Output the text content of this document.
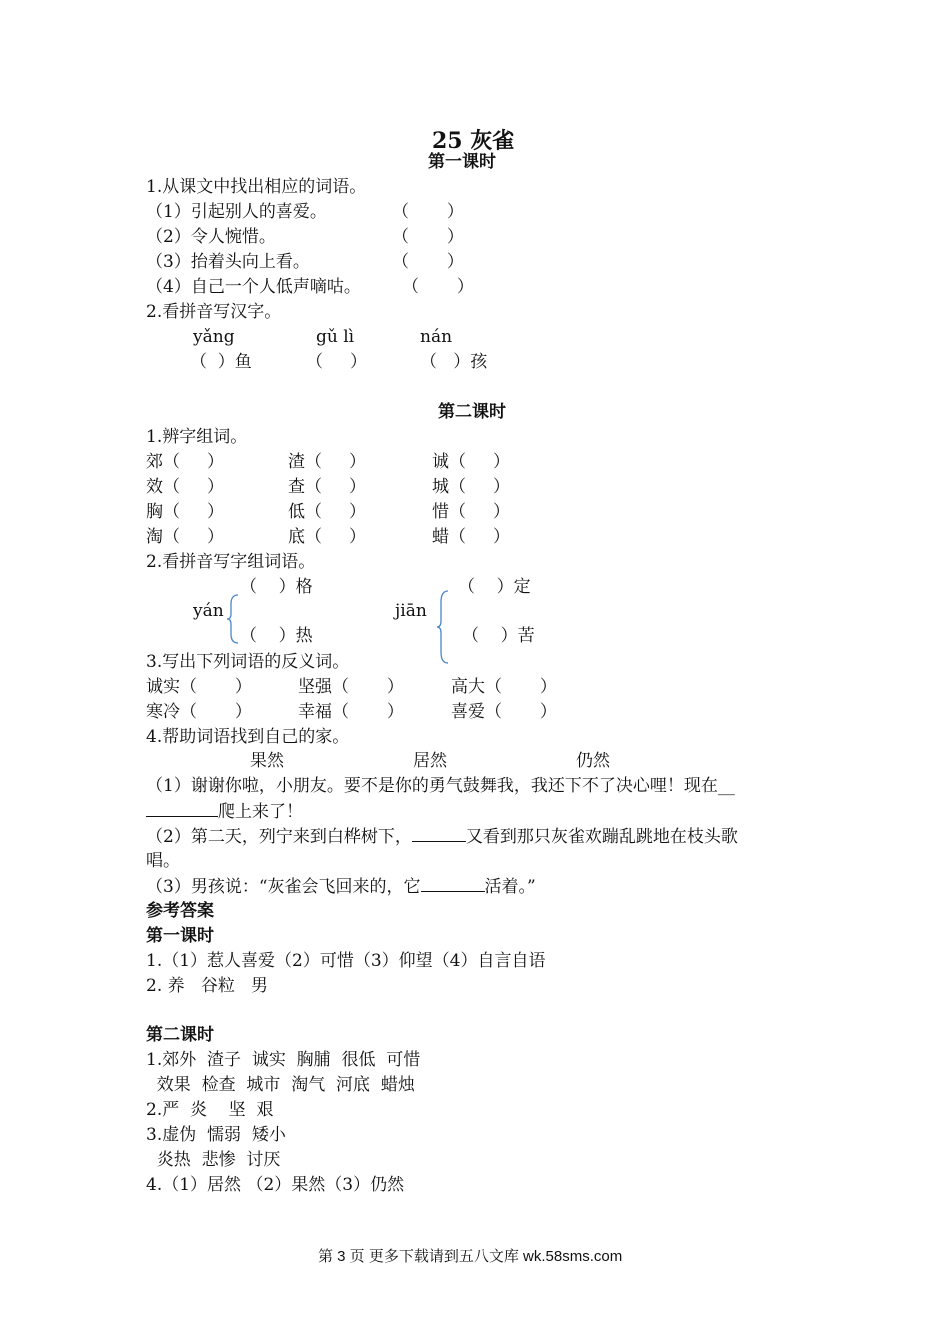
25 灰雀
第一课时
1.从课文中找出相应的词语。
（1）引起别人的喜爱。	（       ）
（2）令人惋惜。	（       ）
（3）抬着头向上看。	（       ）
（4）自己一个人低声嘀咕。 （       ）
2.看拼音写汉字。
yǎng	gǔ lì	nán
（  ）鱼	（     ）	（   ）孩
第二课时
1.辨字组词。
郊（     ）	渣（     ）	诚（     ）
效（     ）	查（     ）	城（     ）
胸（     ）	低（     ）	惜（     ）
淘（     ）	底（     ）	蜡（     ）
2.看拼音写字组词语。
（    ）格
yán
（    ）热
（    ）定
jiān
（    ）苦
3.写出下列词语的反义词。
诚实（       ）	坚强（       ）	高大（       ）
寒冷（       ）	幸福（       ）	喜爱（       ）
4.帮助词语找到自己的家。
果然	居然	仍然
（1）谢谢你啦，小朋友。要不是你的勇气鼓舞我，我还下不了决心哩！现在__
爬上来了！
（2）第二天，列宁来到白桦树下，	又看到那只灰雀欢蹦乱跳地在枝头歌
唱。
（3）男孩说：“灰雀会飞回来的，它	活着。”
参考答案
第一课时
1.（1）惹人喜爱（2）可惜（3）仰望（4）自言自语
2. 养   谷粒   男
第二课时
1.郊外  渣子  诚实  胸脯  很低  可惜
效果  检查  城市  淘气  河底  蜡烛
2.严  炎    坚  艰
3.虚伪  懦弱  矮小
炎热  悲惨  讨厌
4.（1）居然 （2）果然（3）仍然
第 3 页 更多下载请到五八文库 wk.58sms.com
